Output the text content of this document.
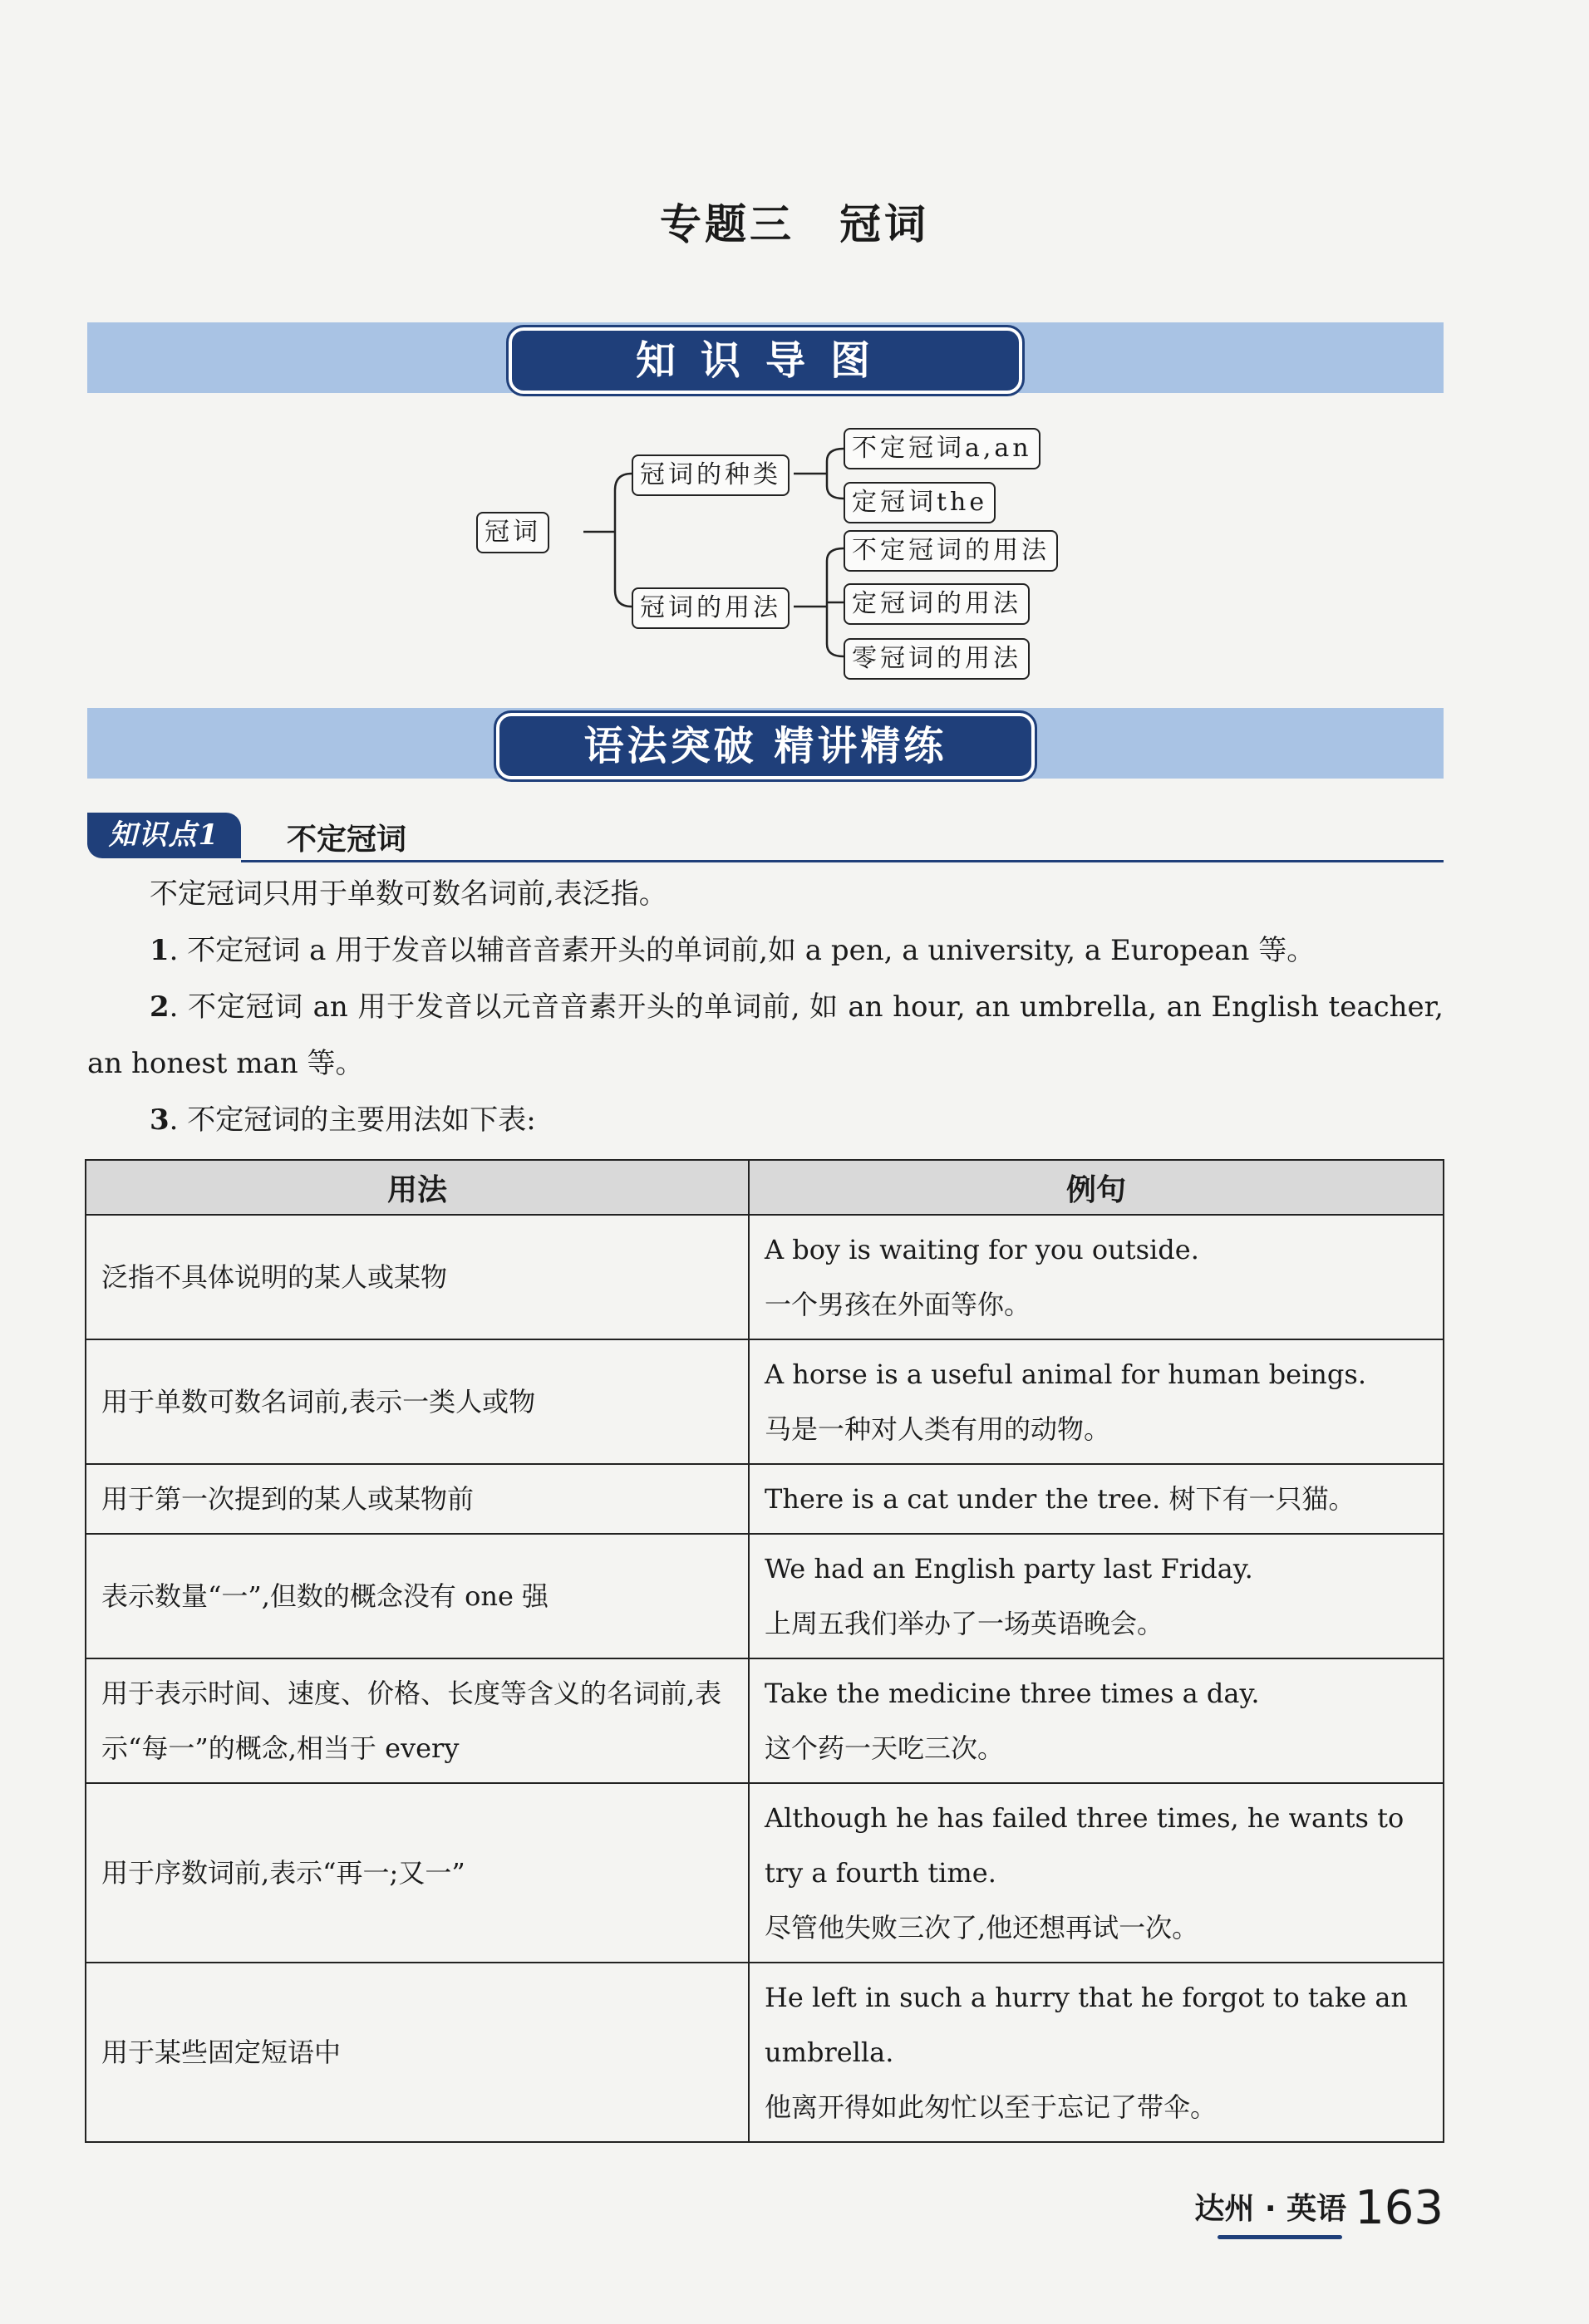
专题三　冠词
知识导图
冠词
冠词的种类
不定冠词a,an
定冠词the
冠词的用法
不定冠词的用法
定冠词的用法
零冠词的用法
语法突破 精讲精练
知识点1	不定冠词
不定冠词只用于单数可数名词前,表泛指。
1. 不定冠词 a 用于发音以辅音音素开头的单词前,如 a pen, a university, a European 等。
2. 不定冠词 an 用于发音以元音音素开头的单词前, 如 an hour, an umbrella, an English teacher, an honest man 等。
3. 不定冠词的主要用法如下表:
用法	例句
泛指不具体说明的某人或某物	A boy is waiting for you outside.
一个男孩在外面等你。

用于单数可数名词前,表示一类人或物	A horse is a useful animal for human beings.
马是一种对人类有用的动物。

用于第一次提到的某人或某物前	There is a cat under the tree. 树下有一只猫。

表示数量“一”,但数的概念没有 one 强	We had an English party last Friday.
上周五我们举办了一场英语晚会。

用于表示时间、速度、价格、长度等含义的名词前,表示“每一”的概念,相当于 every	Take the medicine three times a day.
这个药一天吃三次。

用于序数词前,表示“再一;又一”	Although he has failed three times, he wants to try a fourth time.
尽管他失败三次了,他还想再试一次。

用于某些固定短语中	He left in such a hurry that he forgot to take an umbrella.
他离开得如此匆忙以至于忘记了带伞。
达州 · 英语 163
